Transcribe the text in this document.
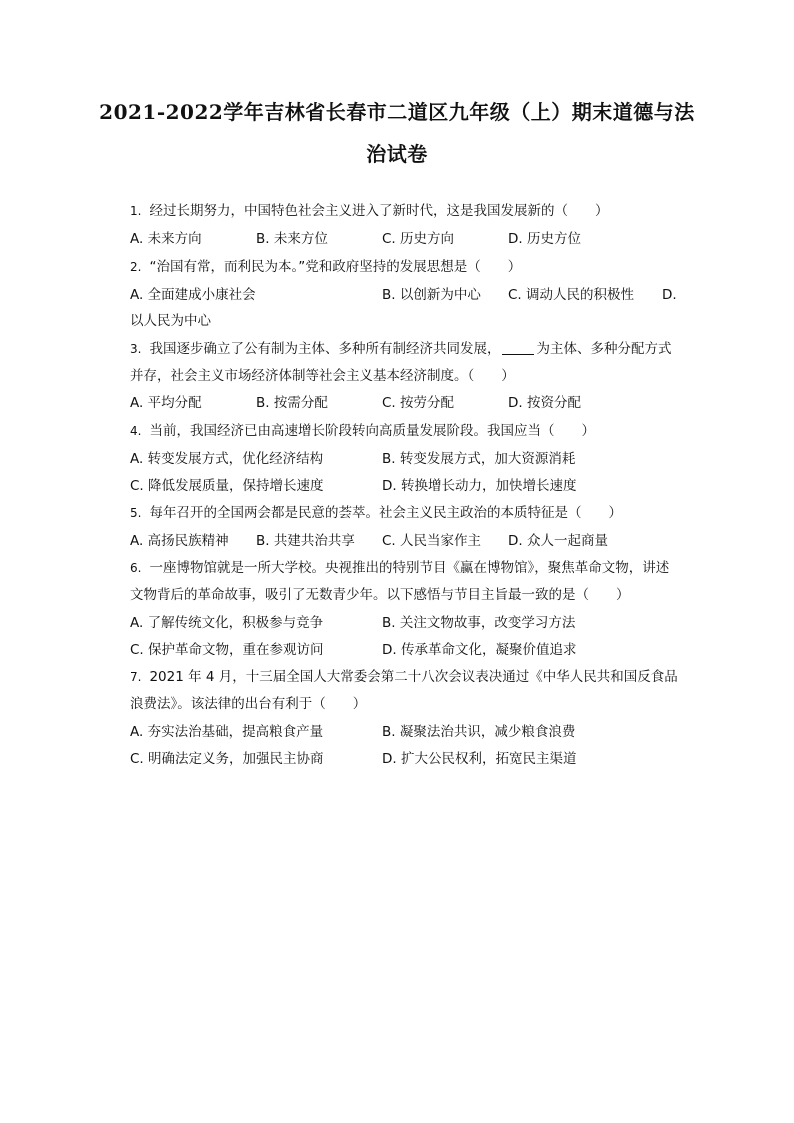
2021-2022学年吉林省长春市二道区九年级（上）期末道德与法
治试卷
1. 经过长期努力，中国特色社会主义进入了新时代，这是我国发展新的（　　）
A. 未来方向	B. 未来方位	C. 历史方向	D. 历史方位
2. “治国有常，而利民为本。”党和政府坚持的发展思想是（　　）
A. 全面建成小康社会	B. 以创新为中心 C. 调动人民的积极性 D.
以人民为中心
3. 我国逐步确立了公有制为主体、多种所有制经济共同发展，	为主体、多种分配方式
并存，社会主义市场经济体制等社会主义基本经济制度。（　　）
A. 平均分配	B. 按需分配	C. 按劳分配	D. 按资分配
4. 当前，我国经济已由高速增长阶段转向高质量发展阶段。我国应当（　　）
A. 转变发展方式，优化经济结构	B. 转变发展方式，加大资源消耗
C. 降低发展质量，保持增长速度	D. 转换增长动力，加快增长速度
5. 每年召开的全国两会都是民意的荟萃。社会主义民主政治的本质特征是（　　）
A. 高扬民族精神 B. 共建共治共享 C. 人民当家作主 D. 众人一起商量
6. 一座博物馆就是一所大学校。央视推出的特别节目《赢在博物馆》，聚焦革命文物，讲述
文物背后的革命故事，吸引了无数青少年。以下感悟与节目主旨最一致的是（　　）
A. 了解传统文化，积极参与竞争	B. 关注文物故事，改变学习方法
C. 保护革命文物，重在参观访问	D. 传承革命文化，凝聚价值追求
7. 2021 年 4 月，十三届全国人大常委会第二十八次会议表决通过《中华人民共和国反食品
浪费法》。该法律的出台有利于（　　）
A. 夯实法治基础，提高粮食产量	B. 凝聚法治共识，减少粮食浪费
C. 明确法定义务，加强民主协商	D. 扩大公民权利，拓宽民主渠道
